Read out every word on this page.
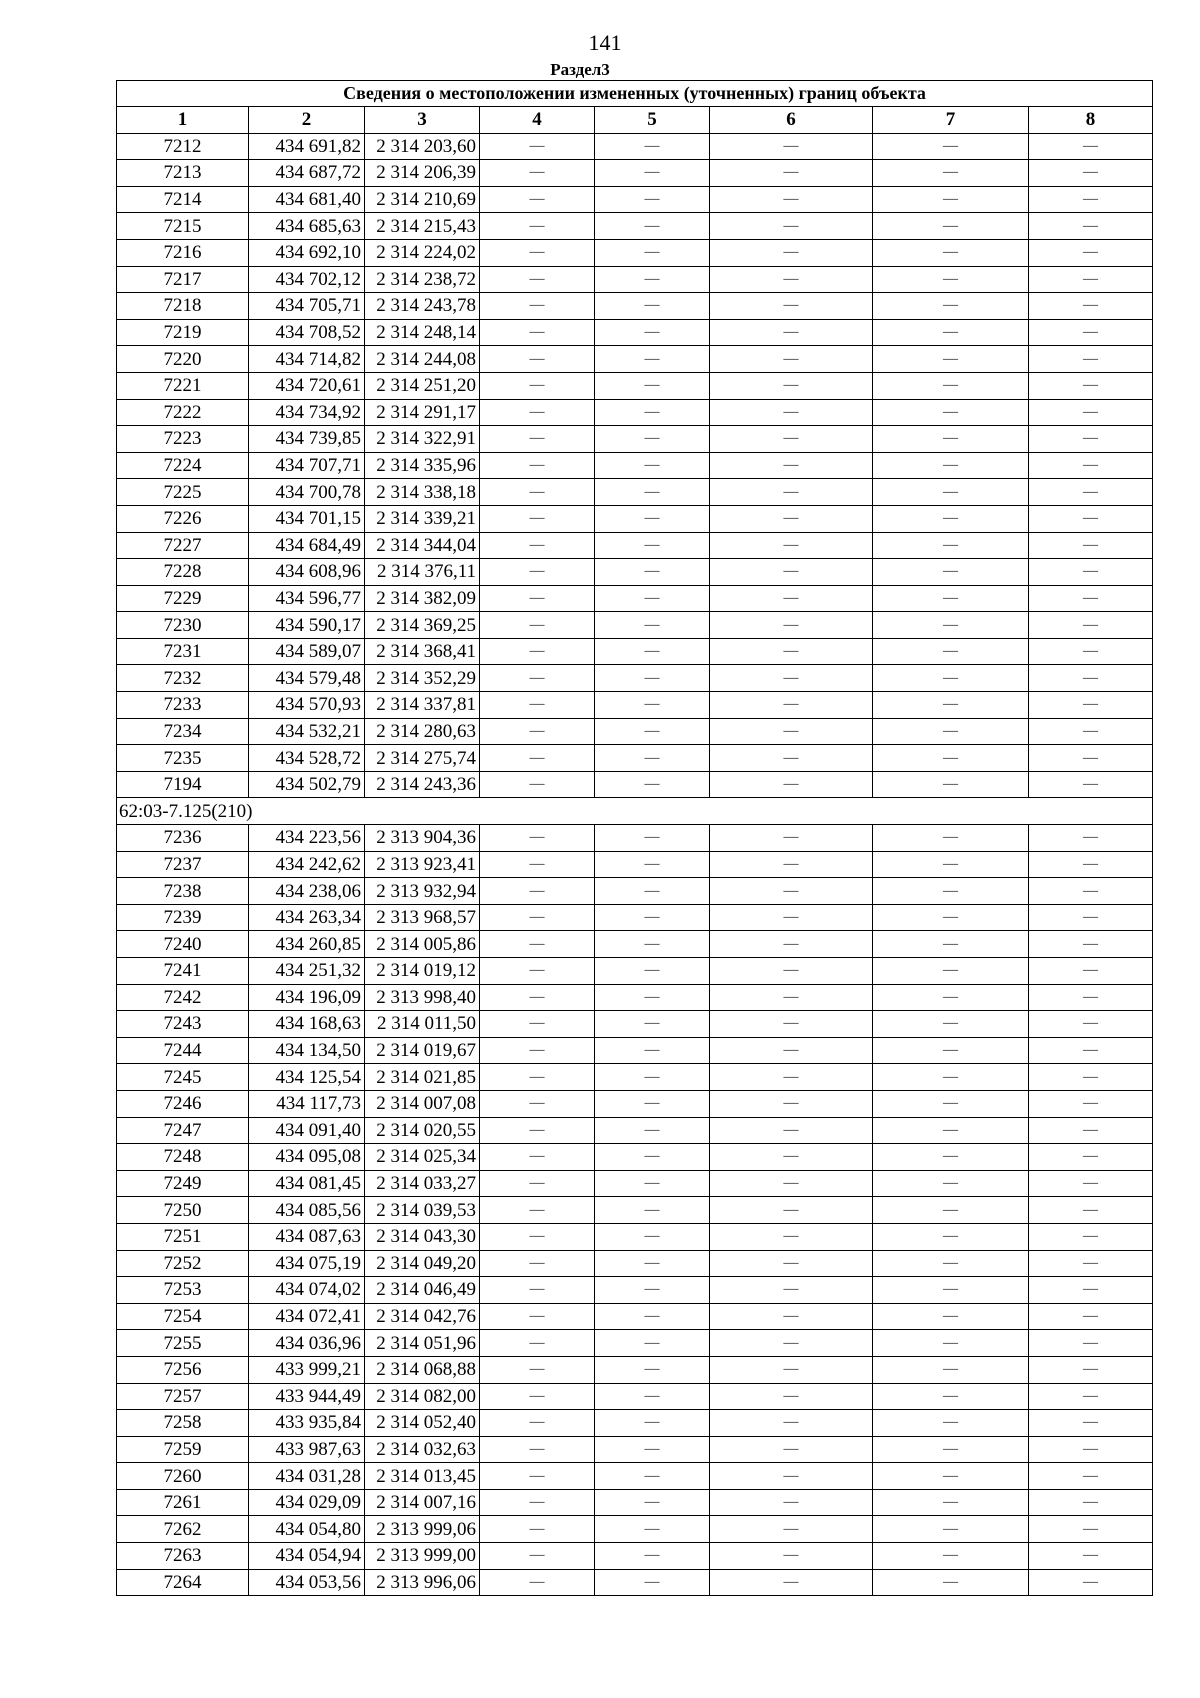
141
Раздел3
Сведения о местоположении измененных (уточненных) границ объекта							
1	2	3	4	5	6	7	8
7212	434 691,82	2 314 203,60	—	—	—	—	—
7213	434 687,72	2 314 206,39	—	—	—	—	—
7214	434 681,40	2 314 210,69	—	—	—	—	—
7215	434 685,63	2 314 215,43	—	—	—	—	—
7216	434 692,10	2 314 224,02	—	—	—	—	—
7217	434 702,12	2 314 238,72	—	—	—	—	—
7218	434 705,71	2 314 243,78	—	—	—	—	—
7219	434 708,52	2 314 248,14	—	—	—	—	—
7220	434 714,82	2 314 244,08	—	—	—	—	—
7221	434 720,61	2 314 251,20	—	—	—	—	—
7222	434 734,92	2 314 291,17	—	—	—	—	—
7223	434 739,85	2 314 322,91	—	—	—	—	—
7224	434 707,71	2 314 335,96	—	—	—	—	—
7225	434 700,78	2 314 338,18	—	—	—	—	—
7226	434 701,15	2 314 339,21	—	—	—	—	—
7227	434 684,49	2 314 344,04	—	—	—	—	—
7228	434 608,96	2 314 376,11	—	—	—	—	—
7229	434 596,77	2 314 382,09	—	—	—	—	—
7230	434 590,17	2 314 369,25	—	—	—	—	—
7231	434 589,07	2 314 368,41	—	—	—	—	—
7232	434 579,48	2 314 352,29	—	—	—	—	—
7233	434 570,93	2 314 337,81	—	—	—	—	—
7234	434 532,21	2 314 280,63	—	—	—	—	—
7235	434 528,72	2 314 275,74	—	—	—	—	—
7194	434 502,79	2 314 243,36	—	—	—	—	—
62:03-7.125(210)							
7236	434 223,56	2 313 904,36	—	—	—	—	—
7237	434 242,62	2 313 923,41	—	—	—	—	—
7238	434 238,06	2 313 932,94	—	—	—	—	—
7239	434 263,34	2 313 968,57	—	—	—	—	—
7240	434 260,85	2 314 005,86	—	—	—	—	—
7241	434 251,32	2 314 019,12	—	—	—	—	—
7242	434 196,09	2 313 998,40	—	—	—	—	—
7243	434 168,63	2 314 011,50	—	—	—	—	—
7244	434 134,50	2 314 019,67	—	—	—	—	—
7245	434 125,54	2 314 021,85	—	—	—	—	—
7246	434 117,73	2 314 007,08	—	—	—	—	—
7247	434 091,40	2 314 020,55	—	—	—	—	—
7248	434 095,08	2 314 025,34	—	—	—	—	—
7249	434 081,45	2 314 033,27	—	—	—	—	—
7250	434 085,56	2 314 039,53	—	—	—	—	—
7251	434 087,63	2 314 043,30	—	—	—	—	—
7252	434 075,19	2 314 049,20	—	—	—	—	—
7253	434 074,02	2 314 046,49	—	—	—	—	—
7254	434 072,41	2 314 042,76	—	—	—	—	—
7255	434 036,96	2 314 051,96	—	—	—	—	—
7256	433 999,21	2 314 068,88	—	—	—	—	—
7257	433 944,49	2 314 082,00	—	—	—	—	—
7258	433 935,84	2 314 052,40	—	—	—	—	—
7259	433 987,63	2 314 032,63	—	—	—	—	—
7260	434 031,28	2 314 013,45	—	—	—	—	—
7261	434 029,09	2 314 007,16	—	—	—	—	—
7262	434 054,80	2 313 999,06	—	—	—	—	—
7263	434 054,94	2 313 999,00	—	—	—	—	—
7264	434 053,56	2 313 996,06	—	—	—	—	—
